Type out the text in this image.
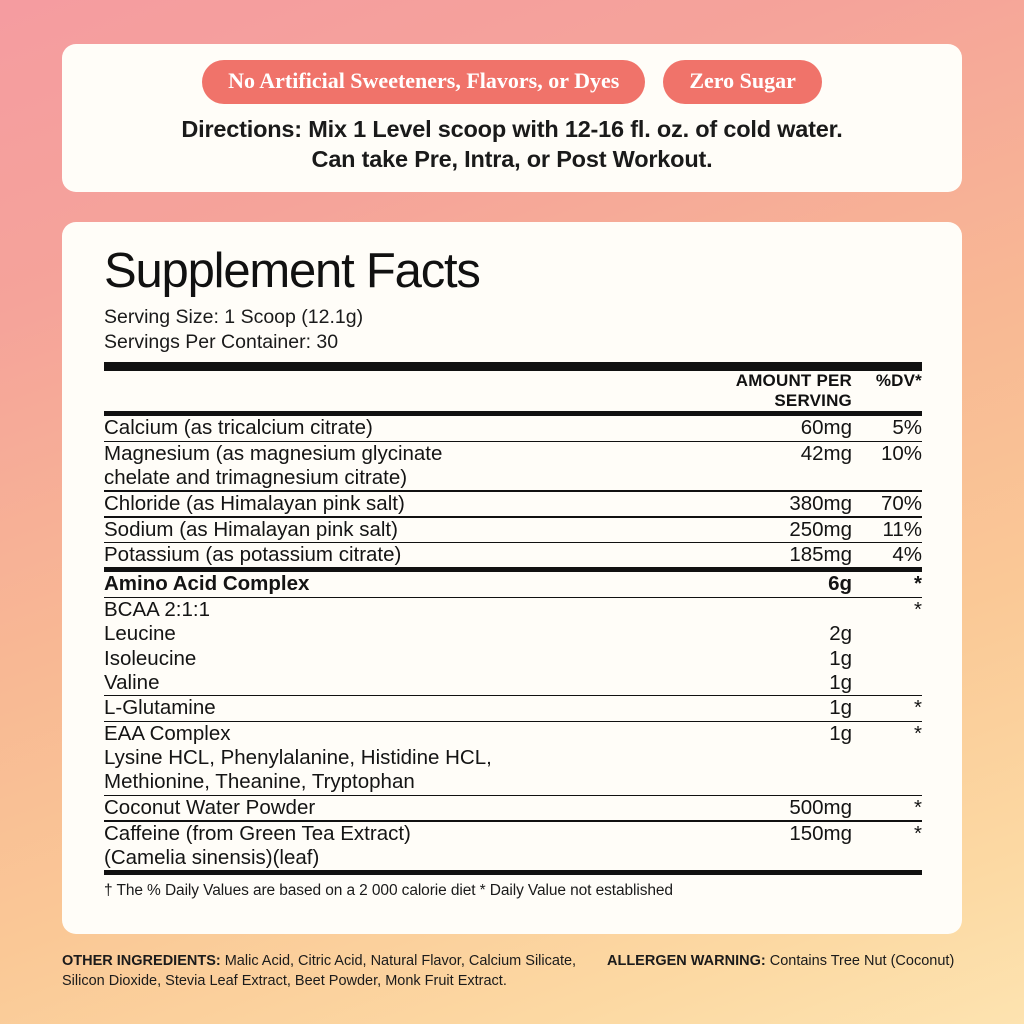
No Artificial Sweeteners, Flavors, or Dyes	Zero Sugar
Directions: Mix 1 Level scoop with 12-16 fl. oz. of cold water.
Can take Pre, Intra, or Post Workout.
Supplement Facts
Serving Size: 1 Scoop (12.1g)
Servings Per Container: 30
	AMOUNT PER SERVING	%DV*

Calcium (as tricalcium citrate)	60mg	5%

Magnesium (as magnesium glycinate
chelate and trimagnesium citrate)	42mg	10%

Chloride (as Himalayan pink salt)	380mg	70%

Sodium (as Himalayan pink salt)	250mg	11%

Potassium (as potassium citrate)	185mg	4%

Amino Acid Complex	6g	*

BCAA 2:1:1		*
Leucine	2g	
Isoleucine	1g	
Valine	1g	

L-Glutamine	1g	*

EAA Complex
Lysine HCL, Phenylalanine, Histidine HCL,
Methionine, Theanine, Tryptophan	1g	*

Coconut Water Powder	500mg	*

Caffeine (from Green Tea Extract)
(Camelia sinensis)(leaf)	150mg	*
† The % Daily Values are based on a 2 000 calorie diet * Daily Value not established
OTHER INGREDIENTS: Malic Acid, Citric Acid, Natural Flavor, Calcium Silicate,
Silicon Dioxide, Stevia Leaf Extract, Beet Powder, Monk Fruit Extract.
ALLERGEN WARNING: Contains Tree Nut (Coconut)
